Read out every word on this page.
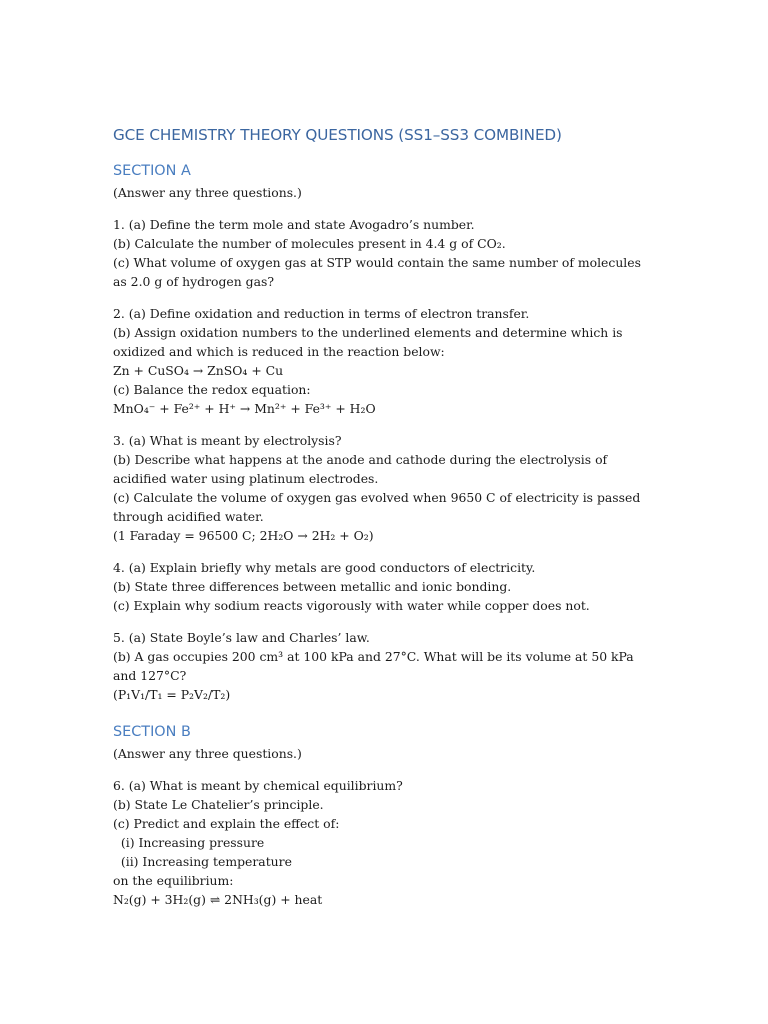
GCE CHEMISTRY THEORY QUESTIONS (SS1–SS3 COMBINED)
SECTION A
(Answer any three questions.)
1. (a) Define the term mole and state Avogadro’s number.
(b) Calculate the number of molecules present in 4.4 g of CO₂.
(c) What volume of oxygen gas at STP would contain the same number of molecules as 2.0 g of hydrogen gas?
2. (a) Define oxidation and reduction in terms of electron transfer.
(b) Assign oxidation numbers to the underlined elements and determine which is oxidized and which is reduced in the reaction below:
Zn + CuSO₄ → ZnSO₄ + Cu
(c) Balance the redox equation:
MnO₄⁻ + Fe²⁺ + H⁺ → Mn²⁺ + Fe³⁺ + H₂O
3. (a) What is meant by electrolysis?
(b) Describe what happens at the anode and cathode during the electrolysis of acidified water using platinum electrodes.
(c) Calculate the volume of oxygen gas evolved when 9650 C of electricity is passed through acidified water.
(1 Faraday = 96500 C; 2H₂O → 2H₂ + O₂)
4. (a) Explain briefly why metals are good conductors of electricity.
(b) State three differences between metallic and ionic bonding.
(c) Explain why sodium reacts vigorously with water while copper does not.
5. (a) State Boyle’s law and Charles’ law.
(b) A gas occupies 200 cm³ at 100 kPa and 27°C. What will be its volume at 50 kPa and 127°C?
(P₁V₁/T₁ = P₂V₂/T₂)
SECTION B
(Answer any three questions.)
6. (a) What is meant by chemical equilibrium?
(b) State Le Chatelier’s principle.
(c) Predict and explain the effect of:
(i) Increasing pressure
(ii) Increasing temperature
on the equilibrium:
N₂(g) + 3H₂(g) ⇌ 2NH₃(g) + heat
